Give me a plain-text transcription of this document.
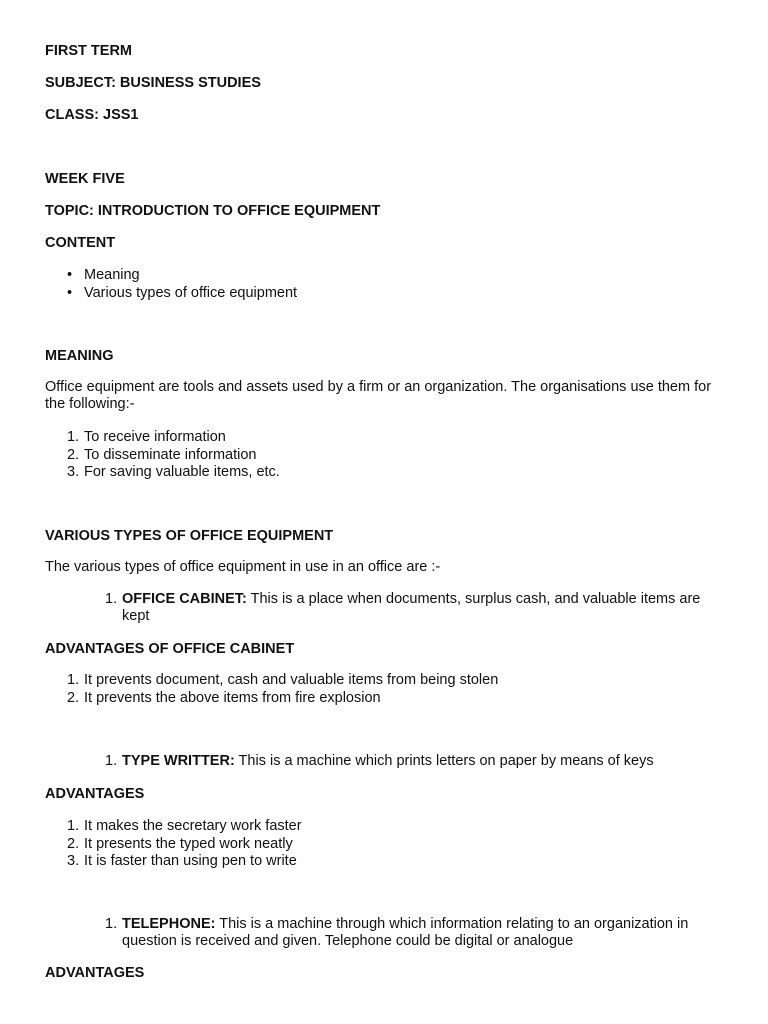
FIRST TERM
SUBJECT: BUSINESS STUDIES
CLASS: JSS1
WEEK FIVE
TOPIC: INTRODUCTION TO OFFICE EQUIPMENT
CONTENT
• Meaning
• Various types of office equipment
MEANING
Office equipment are tools and assets used by a firm or an organization. The organisations use them for the following:-
1. To receive information
2. To disseminate information
3. For saving valuable items, etc.
VARIOUS TYPES OF OFFICE EQUIPMENT
The various types of office equipment in use in an office are :-
1. OFFICE CABINET: This is a place when documents, surplus cash, and valuable items are kept
ADVANTAGES OF OFFICE CABINET
1. It prevents document, cash and valuable items from being stolen
2. It prevents the above items from fire explosion
1. TYPE WRITTER: This is a machine which prints letters on paper by means of keys
ADVANTAGES
1. It makes the secretary work faster
2. It presents the typed work neatly
3. It is faster than using pen to write
1. TELEPHONE: This is a machine through which information relating to an organization in question is received and given. Telephone could be digital or analogue
ADVANTAGES
